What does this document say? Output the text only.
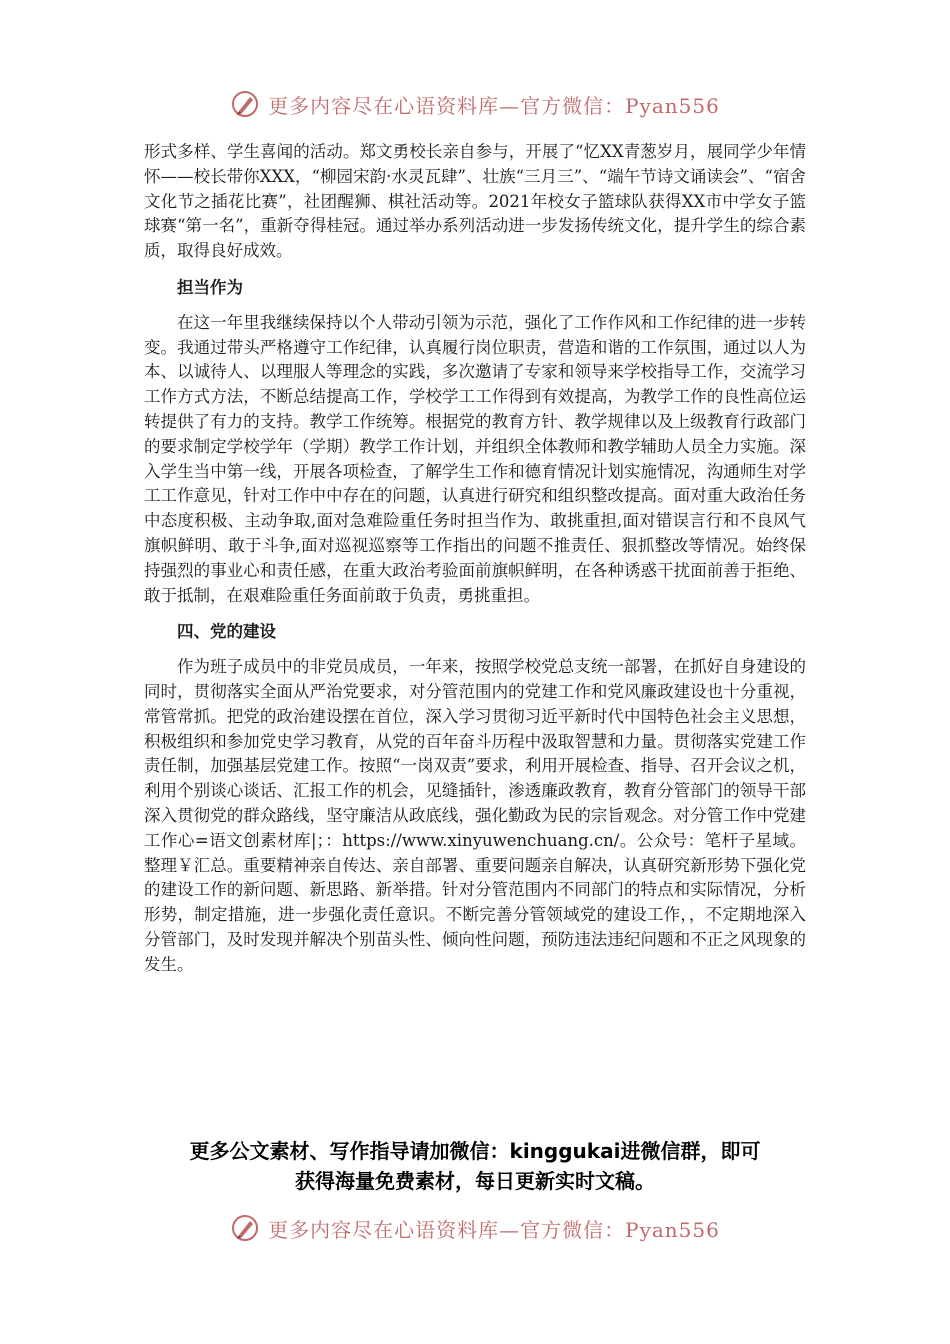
更多内容尽在心语资料库—官方微信：Pyan556

形式多样、学生喜闻的活动。郑文勇校长亲自参与，开展了“忆XX青葱岁月，展同学少年情怀——校长带你XXX，“柳园宋韵·水灵瓦肆”、壮族“三月三”、“端午节诗文诵读会”、“宿舍文化节之插花比赛”，社团醒狮、棋社活动等。2021年校女子篮球队获得XX市中学女子篮球赛“第一名”，重新夺得桂冠。通过举办系列活动进一步发扬传统文化，提升学生的综合素质，取得良好成效。

担当作为

在这一年里我继续保持以个人带动引领为示范，强化了工作作风和工作纪律的进一步转变。我通过带头严格遵守工作纪律，认真履行岗位职责，营造和谐的工作氛围，通过以人为本、以诚待人、以理服人等理念的实践，多次邀请了专家和领导来学校指导工作，交流学习工作方式方法，不断总结提高工作，学校学工工作得到有效提高，为教学工作的良性高位运转提供了有力的支持。教学工作统筹。根据党的教育方针、教学规律以及上级教育行政部门的要求制定学校学年（学期）教学工作计划，并组织全体教师和教学辅助人员全力实施。深入学生当中第一线，开展各项检查，了解学生工作和德育情况计划实施情况，沟通师生对学工工作意见，针对工作中中存在的问题，认真进行研究和组织整改提高。面对重大政治任务中态度积极、主动争取,面对急难险重任务时担当作为、敢挑重担,面对错误言行和不良风气旗帜鲜明、敢于斗争,面对巡视巡察等工作指出的问题不推责任、狠抓整改等情况。始终保持强烈的事业心和责任感，在重大政治考验面前旗帜鲜明，在各种诱惑干扰面前善于拒绝、敢于抵制，在艰难险重任务面前敢于负责，勇挑重担。

四、党的建设

作为班子成员中的非党员成员，一年来，按照学校党总支统一部署，在抓好自身建设的同时，贯彻落实全面从严治党要求，对分管范围内的党建工作和党风廉政建设也十分重视，常管常抓。把党的政治建设摆在首位，深入学习贯彻习近平新时代中国特色社会主义思想，积极组织和参加党史学习教育，从党的百年奋斗历程中汲取智慧和力量。贯彻落实党建工作责任制，加强基层党建工作。按照“一岗双责”要求，利用开展检查、指导、召开会议之机，利用个别谈心谈话、汇报工作的机会，见缝插针，渗透廉政教育，教育分管部门的领导干部深入贯彻党的群众路线，坚守廉洁从政底线，强化勤政为民的宗旨观念。对分管工作中党建工作心=语文创素材库|；：https://www.xinyuwenchuang.cn/。公众号：笔杆子星域。整理￥汇总。重要精神亲自传达、亲自部署、重要问题亲自解决，认真研究新形势下强化党的建设工作的新问题、新思路、新举措。针对分管范围内不同部门的特点和实际情况，分析形势，制定措施，进一步强化责任意识。不断完善分管领域党的建设工作，，不定期地深入分管部门，及时发现并解决个别苗头性、倾向性问题，预防违法违纪问题和不正之风现象的发生。

更多公文素材、写作指导请加微信：kinggukai进微信群，即可
获得海量免费素材，每日更新实时文稿。
更多内容尽在心语资料库—官方微信：Pyan556
